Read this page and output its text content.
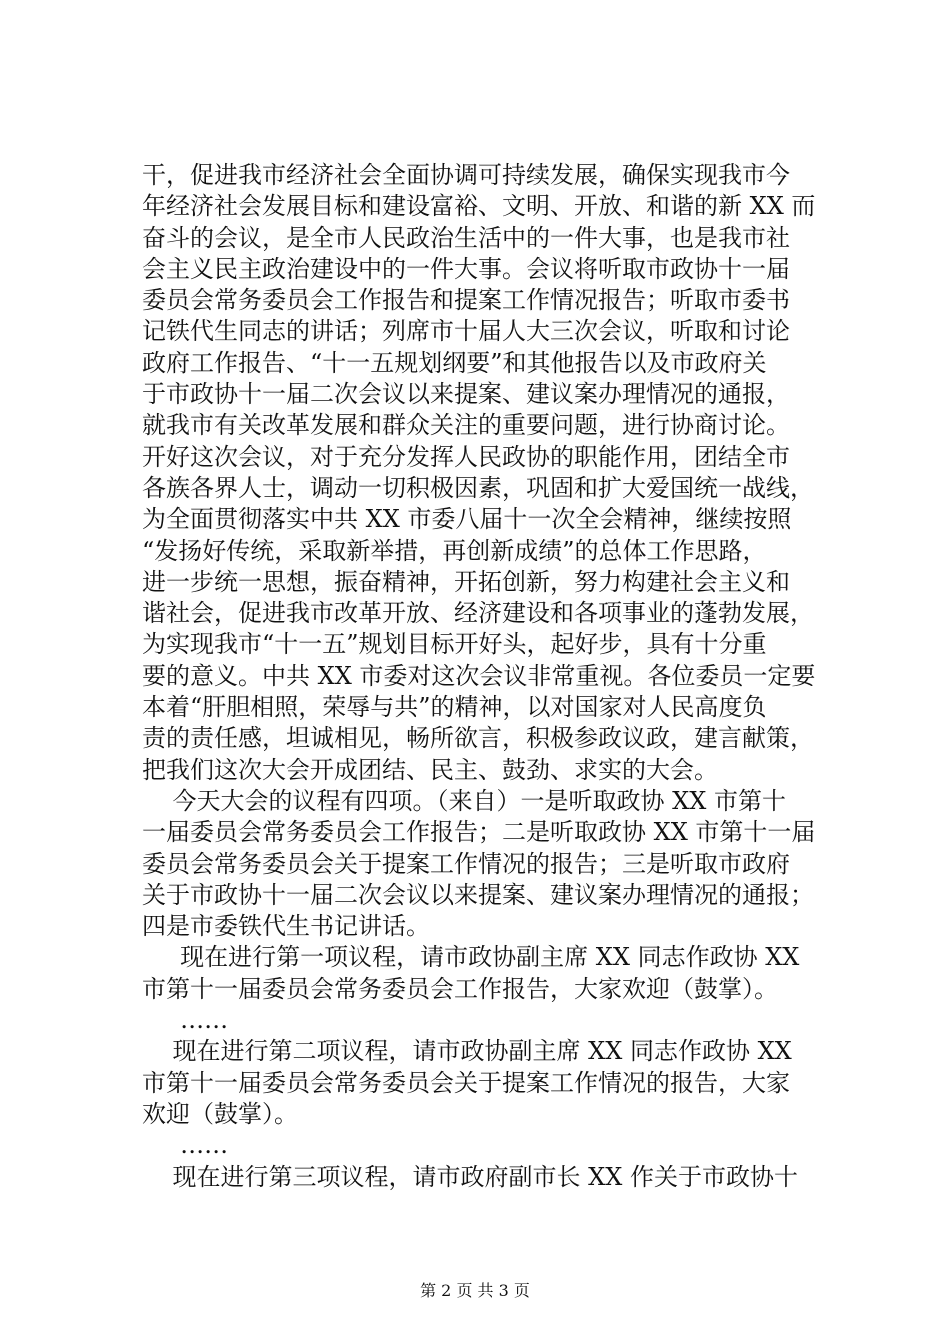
干，促进我市经济社会全面协调可持续发展，确保实现我市今
年经济社会发展目标和建设富裕、文明、开放、和谐的新 XX 而
奋斗的会议，是全市人民政治生活中的一件大事，也是我市社
会主义民主政治建设中的一件大事。会议将听取市政协十一届
委员会常务委员会工作报告和提案工作情况报告；听取市委书
记铁代生同志的讲话；列席市十届人大三次会议，听取和讨论
政府工作报告、“十一五规划纲要”和其他报告以及市政府关
于市政协十一届二次会议以来提案、建议案办理情况的通报，
就我市有关改革发展和群众关注的重要问题，进行协商讨论。
开好这次会议，对于充分发挥人民政协的职能作用，团结全市
各族各界人士，调动一切积极因素，巩固和扩大爱国统一战线，
为全面贯彻落实中共 XX 市委八届十一次全会精神，继续按照
“发扬好传统，采取新举措，再创新成绩”的总体工作思路，
进一步统一思想，振奋精神，开拓创新，努力构建社会主义和
谐社会，促进我市改革开放、经济建设和各项事业的蓬勃发展，
为实现我市“十一五”规划目标开好头，起好步，具有十分重
要的意义。中共 XX 市委对这次会议非常重视。各位委员一定要
本着“肝胆相照，荣辱与共”的精神，以对国家对人民高度负
责的责任感，坦诚相见，畅所欲言，积极参政议政，建言献策，
把我们这次大会开成团结、民主、鼓劲、求实的大会。
今天大会的议程有四项。（来自）一是听取政协 XX 市第十
一届委员会常务委员会工作报告；二是听取政协 XX 市第十一届
委员会常务委员会关于提案工作情况的报告；三是听取市政府
关于市政协十一届二次会议以来提案、建议案办理情况的通报；
四是市委铁代生书记讲话。
现在进行第一项议程，请市政协副主席 XX 同志作政协 XX
市第十一届委员会常务委员会工作报告，大家欢迎（鼓掌）。
……
现在进行第二项议程，请市政协副主席 XX 同志作政协 XX
市第十一届委员会常务委员会关于提案工作情况的报告，大家
欢迎（鼓掌）。
……
现在进行第三项议程，请市政府副市长 XX 作关于市政协十
第 2 页 共 3 页
